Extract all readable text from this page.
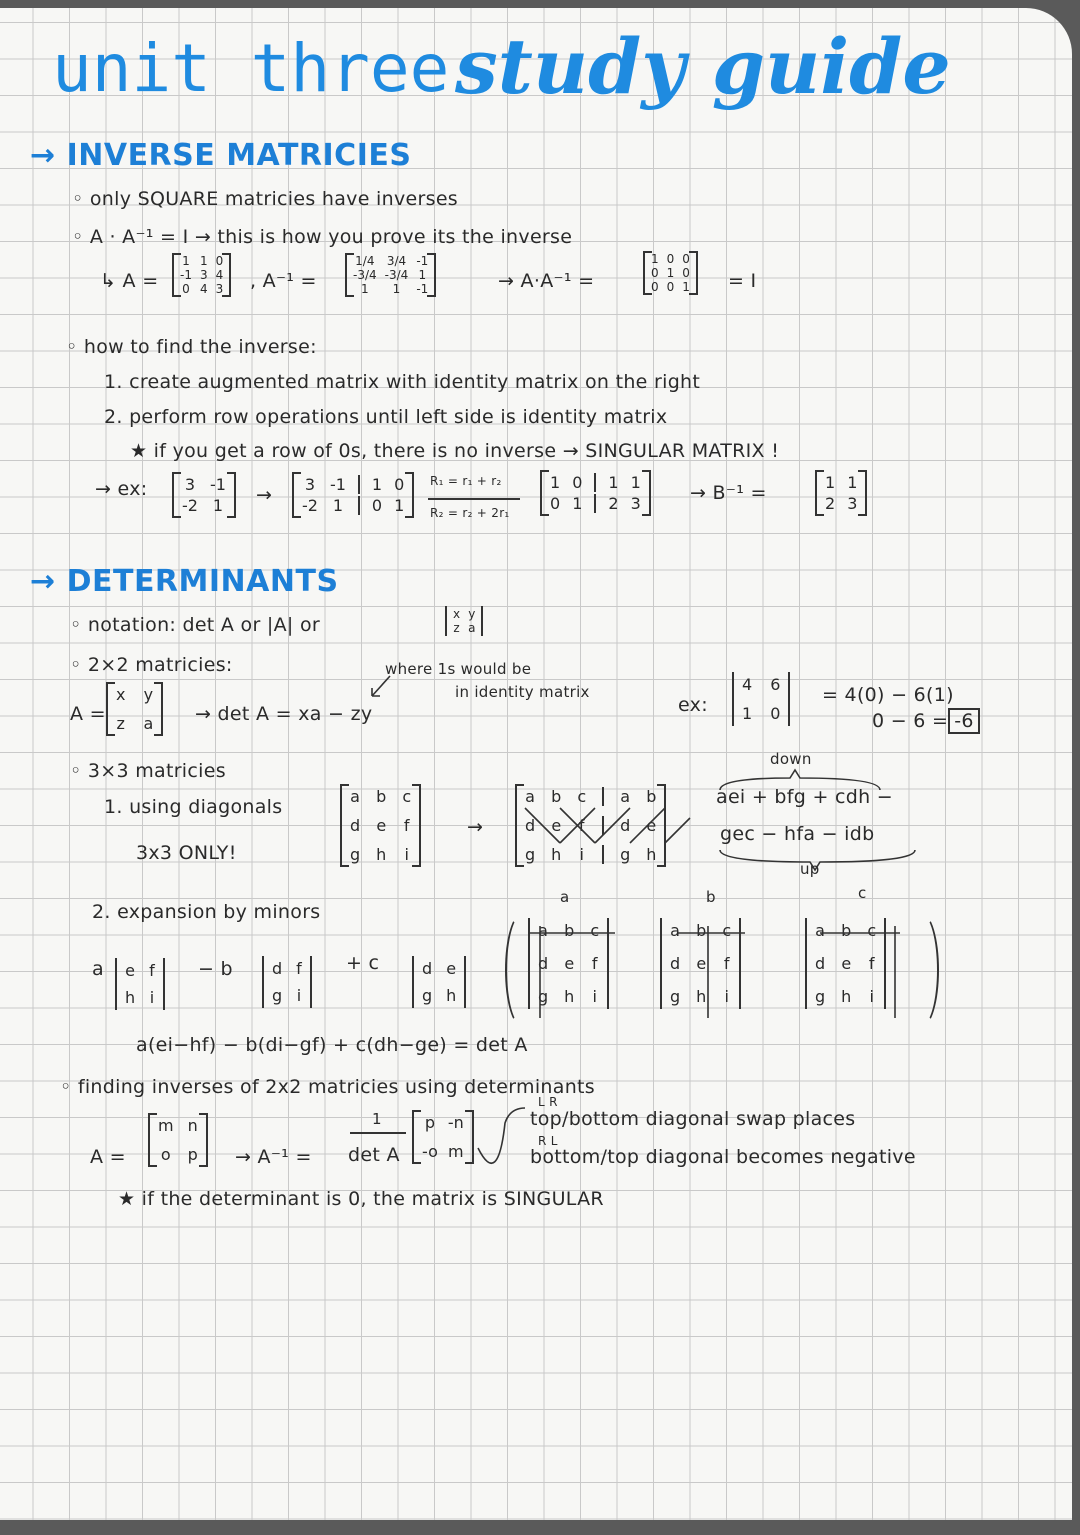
unit three study guide
→ INVERSE MATRICIES
◦ only SQUARE matricies have inverses
◦ A · A⁻¹ = I → this is how you prove its the inverse
↳ A =
1 1 0
-1 3 4
0 4 3 , A⁻¹ =
1/4 3/4 -1
-3/4 -3/4 1
1	1	-1	→ A·A⁻¹ =
1 0 0
0 1 0
0 0 1 = I
◦ how to find the inverse:
1. create augmented matrix with identity matrix on the right
2. perform row operations until left side is identity matrix
★ if you get a row of 0s, there is no inverse → SINGULAR MATRIX !
→ ex: 3 -1
-2 1 → 3 -1 1 0
-2 1 0 1
R₁ = r₁ + r₂
R₂ = r₂ + 2r₁
1 0 1 1
0 1 2 3	→ B⁻¹ =	1 1
2 3
→ DETERMINANTS
◦ notation: det A or |A| or	x y
z a
◦ 2×2 matricies:
A =
x y
z a → det A = xa − zy
where 1s would be
in identity matrix
ex:
4 6
1 0
= 4(0) − 6(1)
0 − 6 = -6
◦ 3×3 matricies
1. using diagonals
3x3 ONLY!
a b c
d e f
g h i
→
a b c a b
d e f d e
g h i g h
down
aei + bfg + cdh −
gec − hfa − idb
up
2. expansion by minors
a e f
h i
− b d f
g i
+ c	d e
g h
a	b	c
a b c
d e f
g h i
a b c
d e f
g h i
a b c
d e f
g h i
a(ei−hf) − b(di−gf) + c(dh−ge) = det A
◦ finding inverses of 2x2 matricies using determinants
A =
m n
o p → A⁻¹ =
1
det A
p -n
-o m
L R
top/bottom diagonal swap places
R L
bottom/top diagonal becomes negative
★ if the determinant is 0, the matrix is SINGULAR
